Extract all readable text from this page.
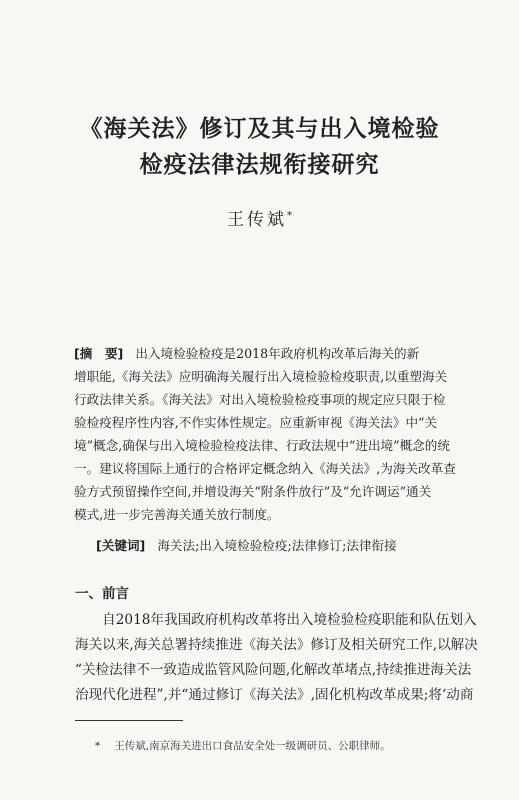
《海关法》修订及其与出入境检验
检疫法律法规衔接研究
王传斌*
[摘　要] 出入境检验检疫是2018年政府机构改革后海关的新
增职能,《海关法》应明确海关履行出入境检验检疫职责,以重塑海关
行政法律关系。《海关法》对出入境检验检疫事项的规定应只限于检
验检疫程序性内容,不作实体性规定。应重新审视《海关法》中“关
境”概念,确保与出入境检验检疫法律、行政法规中“进出境”概念的统
一。建议将国际上通行的合格评定概念纳入《海关法》,为海关改革查
验方式预留操作空间,并增设海关“附条件放行”及“允许调运”通关
模式,进一步完善海关通关放行制度。
[关键词] 海关法;出入境检验检疫;法律修订;法律衔接
一、前言
　　自2018年我国政府机构改革将出入境检验检疫职能和队伍划入
海关以来,海关总署持续推进《海关法》修订及相关研究工作,以解决
“关检法律不一致造成监管风险问题,化解改革堵点,持续推进海关法
治现代化进程”,并“通过修订《海关法》,固化机构改革成果;将‘动商
* 王传斌,南京海关进出口食品安全处一级调研员、公职律师。
